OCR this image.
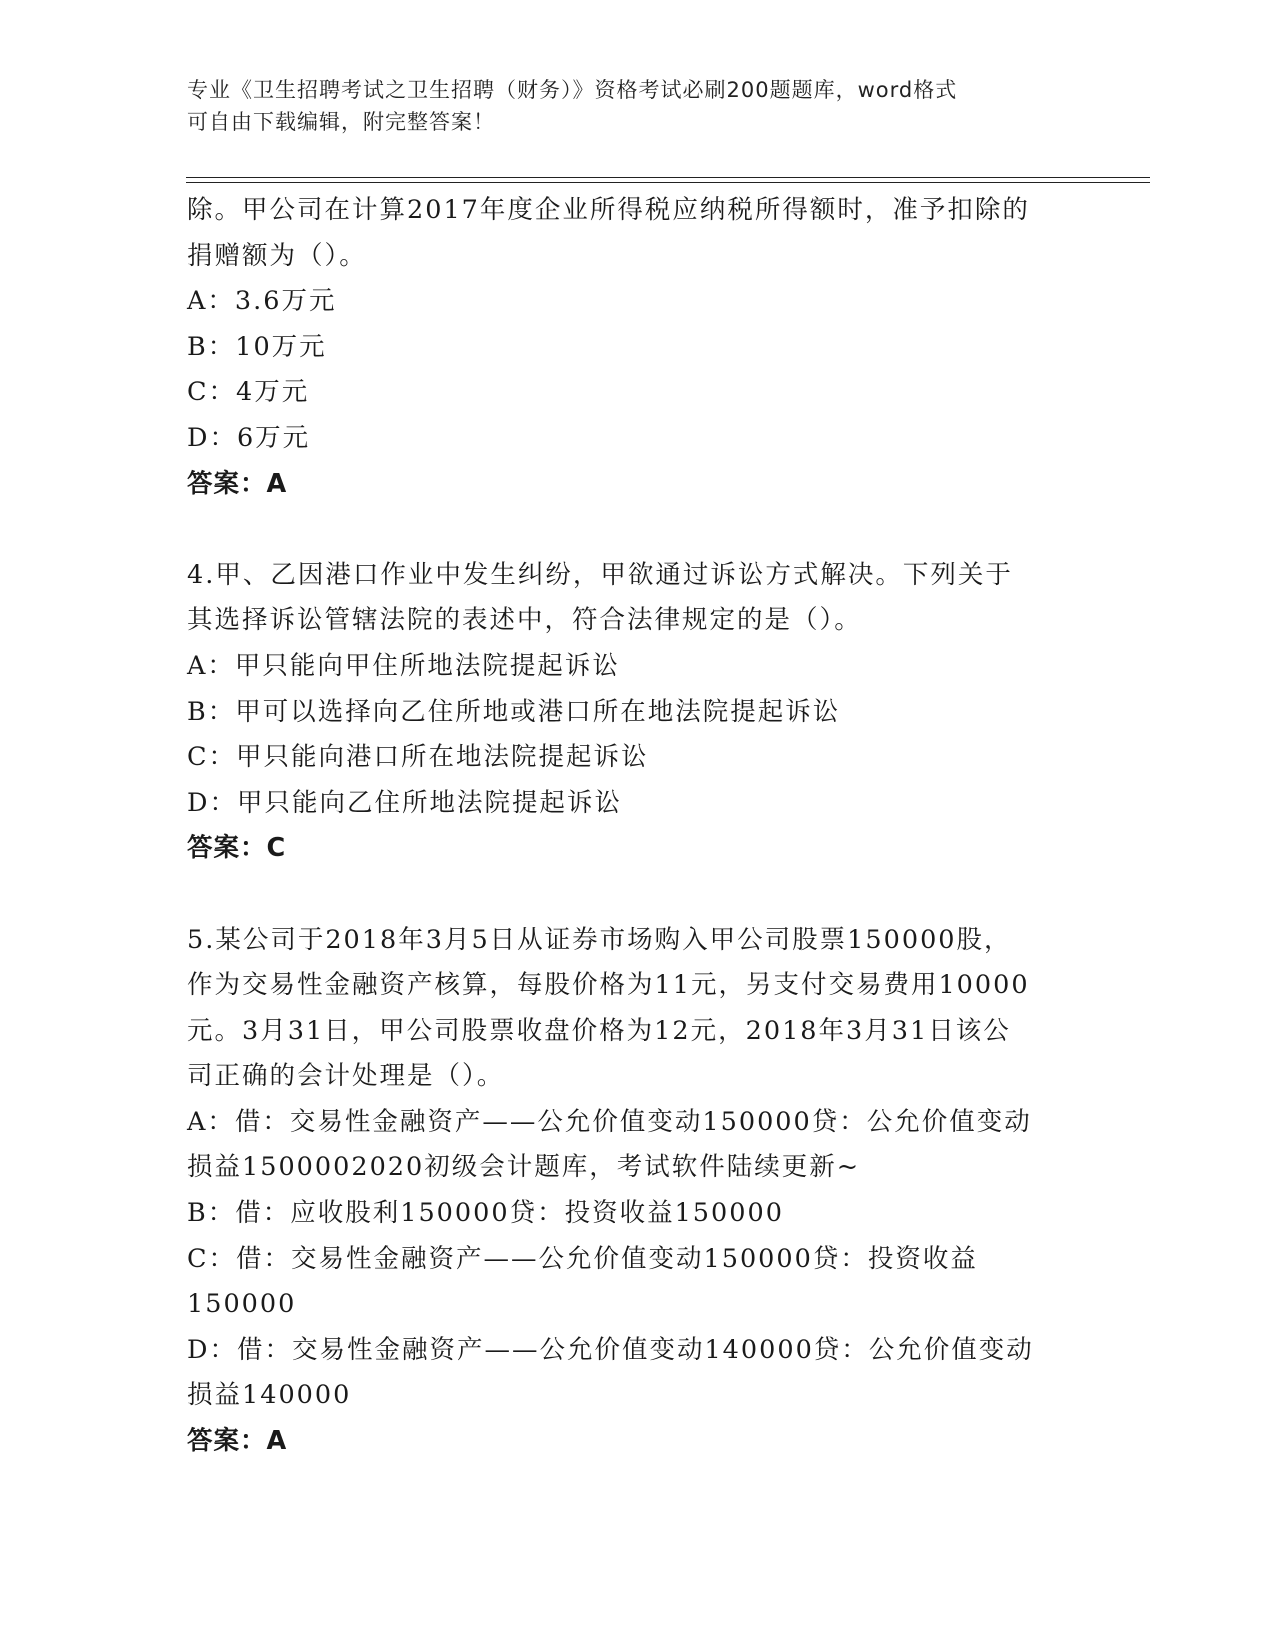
专业《卫生招聘考试之卫生招聘（财务）》资格考试必刷200题题库，word格式
可自由下载编辑，附完整答案！
除。甲公司在计算2017年度企业所得税应纳税所得额时，准予扣除的
捐赠额为（）。
A：3.6万元
B：10万元
C：4万元
D：6万元
答案：A
4.甲、乙因港口作业中发生纠纷，甲欲通过诉讼方式解决。下列关于
其选择诉讼管辖法院的表述中，符合法律规定的是（）。
A：甲只能向甲住所地法院提起诉讼
B：甲可以选择向乙住所地或港口所在地法院提起诉讼
C：甲只能向港口所在地法院提起诉讼
D：甲只能向乙住所地法院提起诉讼
答案：C
5.某公司于2018年3月5日从证券市场购入甲公司股票150000股，
作为交易性金融资产核算，每股价格为11元，另支付交易费用10000
元。3月31日，甲公司股票收盘价格为12元，2018年3月31日该公
司正确的会计处理是（）。
A：借：交易性金融资产——公允价值变动150000贷：公允价值变动
损益1500002020初级会计题库，考试软件陆续更新~
B：借：应收股利150000贷：投资收益150000
C：借：交易性金融资产——公允价值变动150000贷：投资收益
150000
D：借：交易性金融资产——公允价值变动140000贷：公允价值变动
损益140000
答案：A
